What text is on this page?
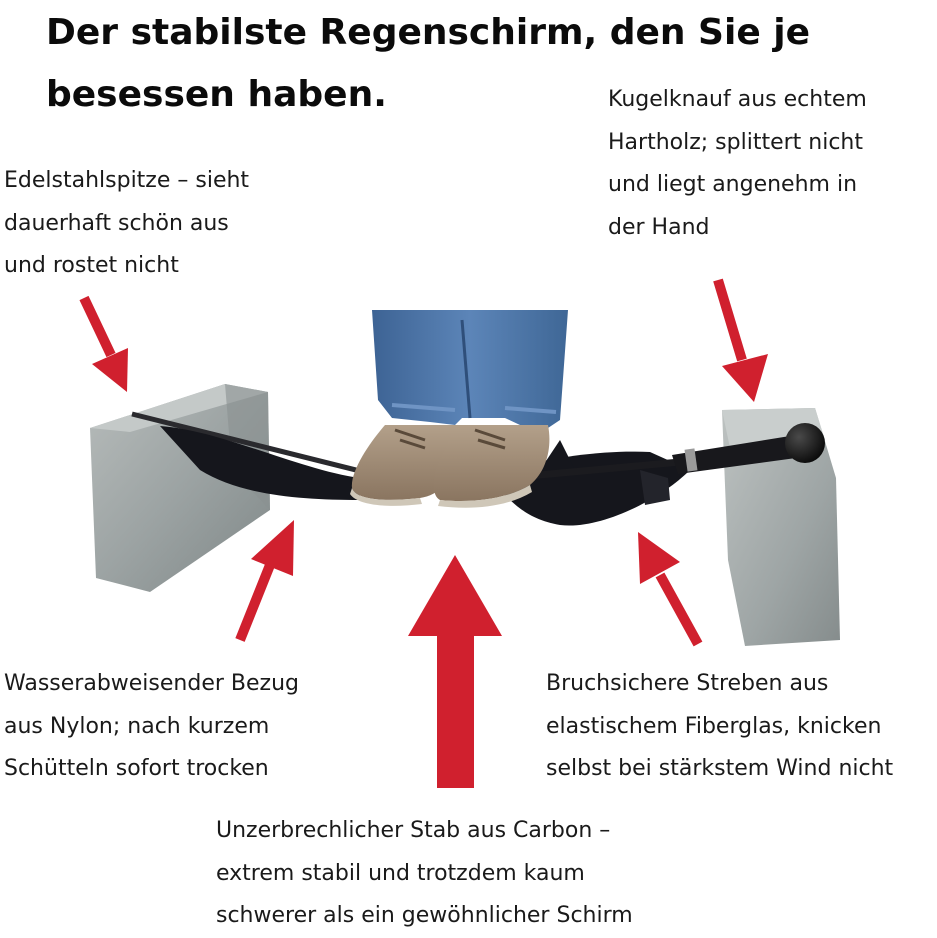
Der stabilste Regenschirm, den Sie je
besessen haben.

Edelstahlspitze – sieht
dauerhaft schön aus
und rostet nicht

Kugelknauf aus echtem
Hartholz; splittert nicht
und liegt angenehm in
der Hand

Wasserabweisender Bezug
aus Nylon; nach kurzem
Schütteln sofort trocken

Bruchsichere Streben aus
elastischem Fiberglas, knicken
selbst bei stärkstem Wind nicht

Unzerbrechlicher Stab aus Carbon –
extrem stabil und trotzdem kaum
schwerer als ein gewöhnlicher Schirm
